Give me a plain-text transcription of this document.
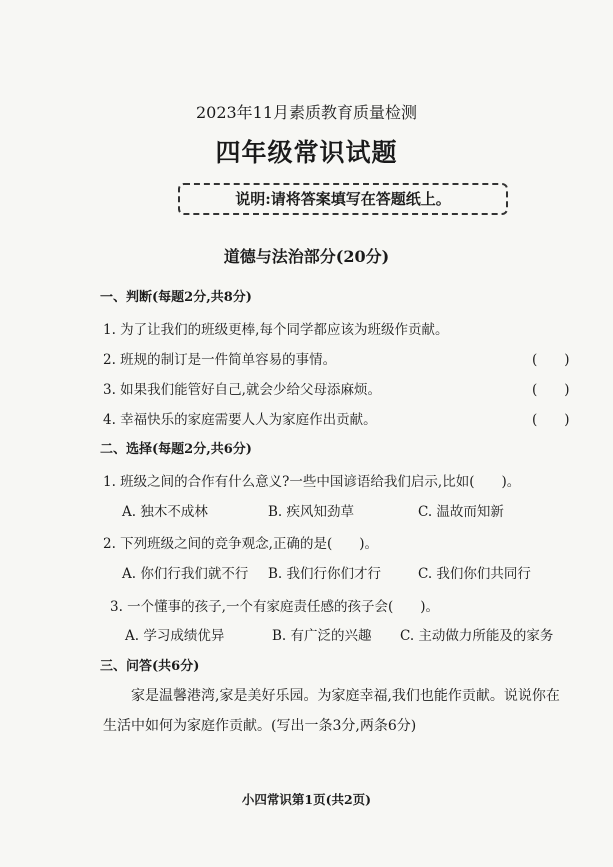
2023年11月素质教育质量检测
四年级常识试题
说明:请将答案填写在答题纸上。
道德与法治部分(20分)
一、判断(每题2分,共8分)
1. 为了让我们的班级更棒,每个同学都应该为班级作贡献。
2. 班规的制订是一件简单容易的事情。	(　　)
3. 如果我们能管好自己,就会少给父母添麻烦。	(　　)
4. 幸福快乐的家庭需要人人为家庭作出贡献。	(　　)
二、选择(每题2分,共6分)
1. 班级之间的合作有什么意义?一些中国谚语给我们启示,比如(　　)。
A. 独木不成林	B. 疾风知劲草	C. 温故而知新
2. 下列班级之间的竞争观念,正确的是(　　)。
A. 你们行我们就不行 B. 我们行你们才行	C. 我们你们共同行
3. 一个懂事的孩子,一个有家庭责任感的孩子会(　　)。
A. 学习成绩优异	B. 有广泛的兴趣 C. 主动做力所能及的家务
三、问答(共6分)
　　家是温馨港湾,家是美好乐园。为家庭幸福,我们也能作贡献。说说你在
生活中如何为家庭作贡献。(写出一条3分,两条6分)
小四常识第1页(共2页)
